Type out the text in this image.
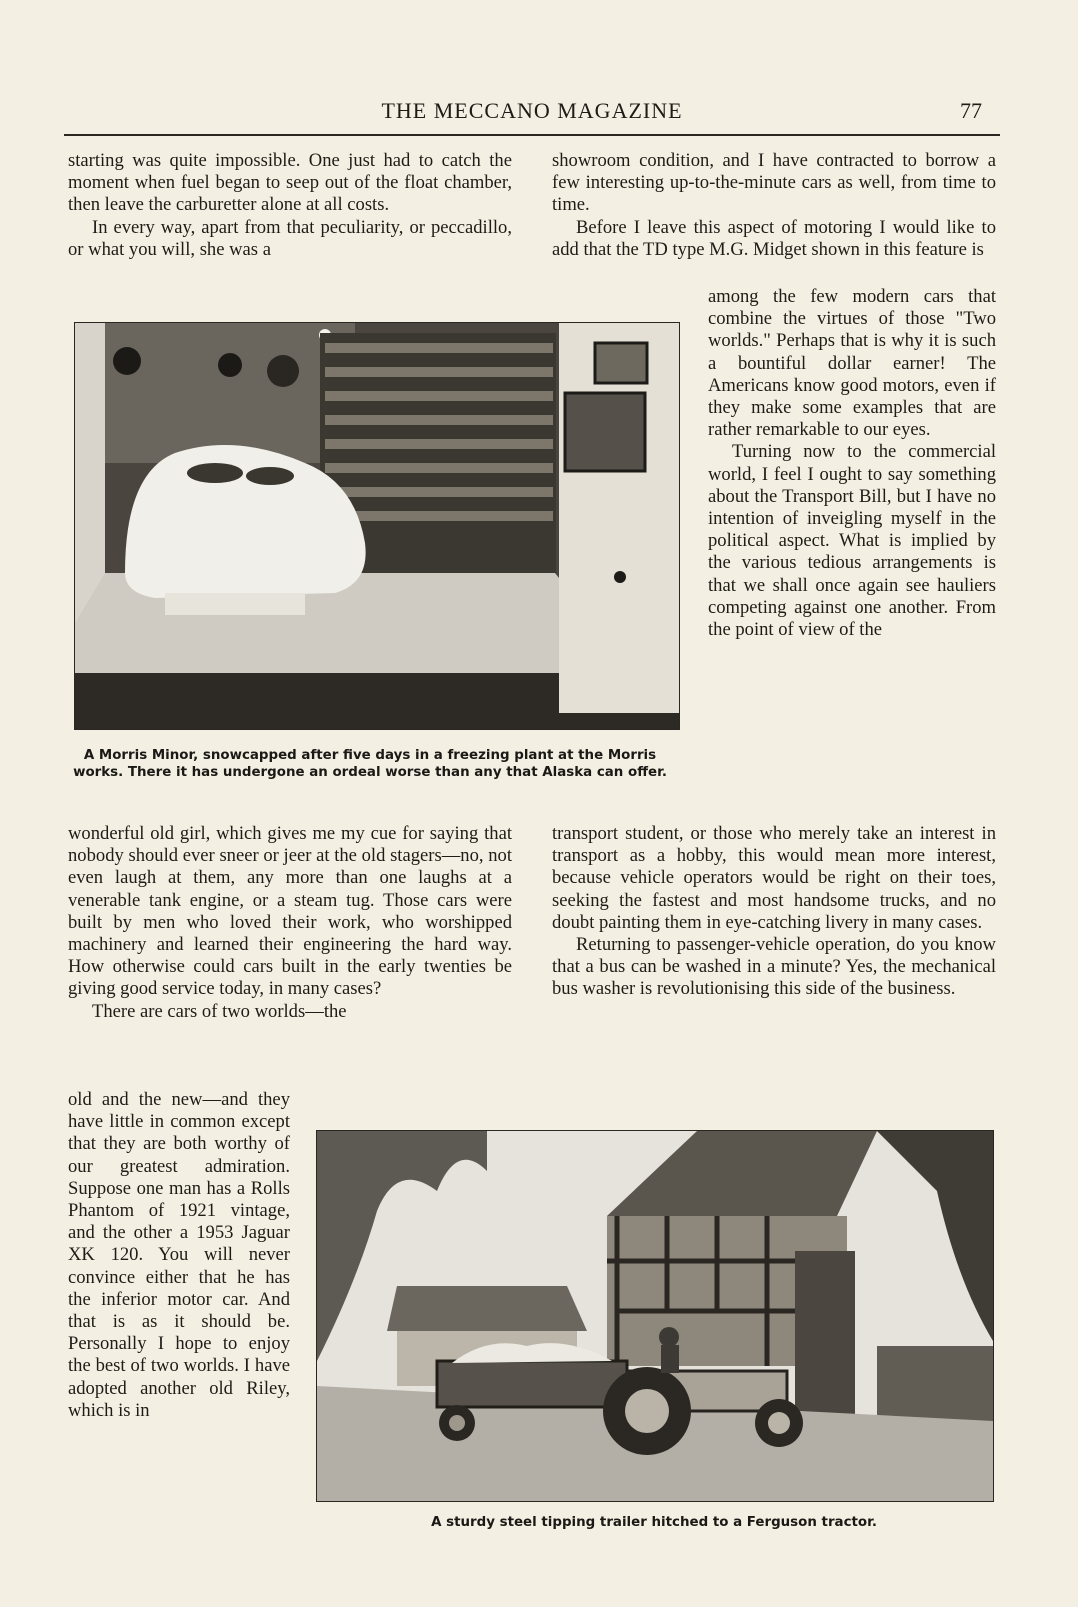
THE MECCANO MAGAZINE	77

starting was quite impossible. One just had to catch the moment when fuel began to seep out of the float chamber, then leave the carburetter alone at all costs.

In every way, apart from that peculiarity, or peccadillo, or what you will, she was a

showroom condition, and I have contracted to borrow a few interesting up-to-the-minute cars as well, from time to time.

Before I leave this aspect of motoring I would like to add that the TD type M.G. Midget shown in this feature is

A Morris Minor, snowcapped after five days in a freezing plant at the Morris works. There it has undergone an ordeal worse than any that Alaska can offer.

among the few modern cars that combine the virtues of those "Two worlds." Perhaps that is why it is such a bountiful dollar earner! The Americans know good motors, even if they make some examples that are rather remarkable to our eyes.

Turning now to the commercial world, I feel I ought to say something about the Transport Bill, but I have no intention of inveigling myself in the political aspect. What is implied by the various tedious arrangements is that we shall once again see hauliers competing against one another. From the point of view of the

wonderful old girl, which gives me my cue for saying that nobody should ever sneer or jeer at the old stagers—no, not even laugh at them, any more than one laughs at a venerable tank engine, or a steam tug. Those cars were built by men who loved their work, who worshipped machinery and learned their engineering the hard way. How otherwise could cars built in the early twenties be giving good service today, in many cases?

There are cars of two worlds—the

transport student, or those who merely take an interest in transport as a hobby, this would mean more interest, because vehicle operators would be right on their toes, seeking the fastest and most handsome trucks, and no doubt painting them in eye-catching livery in many cases.

Returning to passenger-vehicle operation, do you know that a bus can be washed in a minute? Yes, the mechanical bus washer is revolutionising this side of the business.

old and the new—and they have little in common except that they are both worthy of our greatest admiration. Suppose one man has a Rolls Phantom of 1921 vintage, and the other a 1953 Jaguar XK 120. You will never convince either that he has the inferior motor car. And that is as it should be. Personally I hope to enjoy the best of two worlds. I have adopted another old Riley, which is in

A sturdy steel tipping trailer hitched to a Ferguson tractor.
